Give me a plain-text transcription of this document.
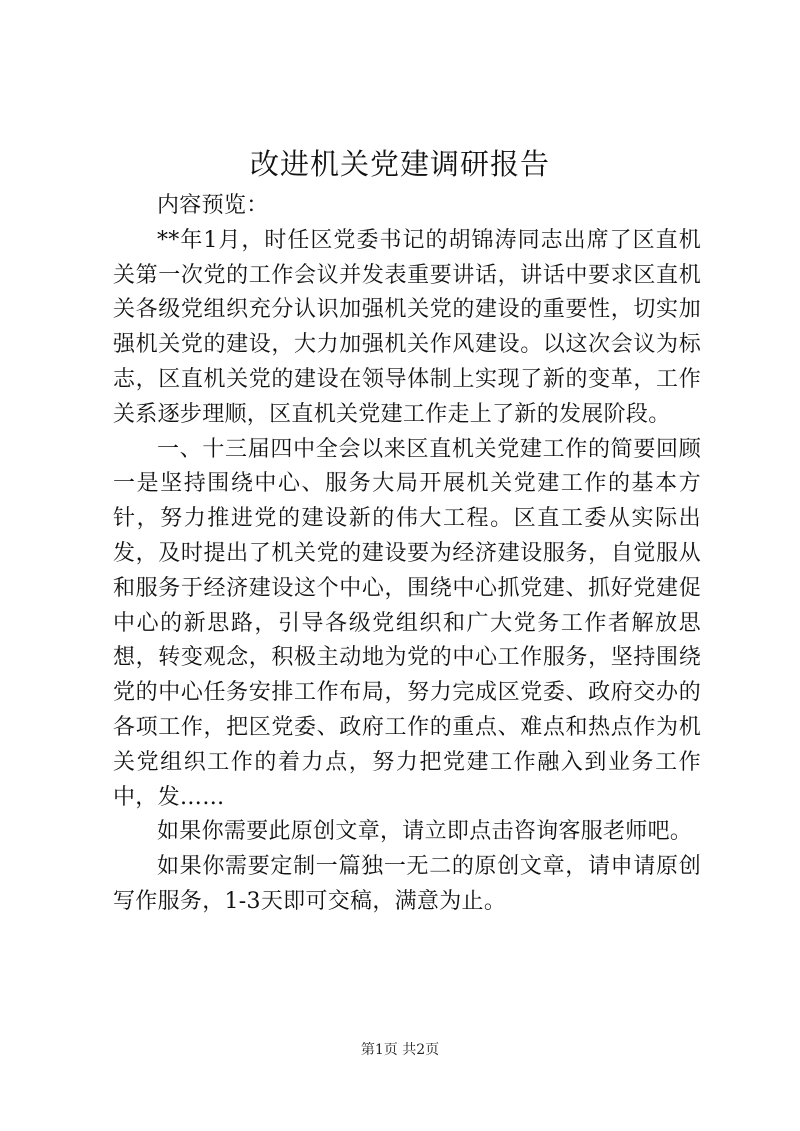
改进机关党建调研报告

内容预览：

**年1月，时任区党委书记的胡锦涛同志出席了区直机关第一次党的工作会议并发表重要讲话，讲话中要求区直机关各级党组织充分认识加强机关党的建设的重要性，切实加强机关党的建设，大力加强机关作风建设。以这次会议为标志，区直机关党的建设在领导体制上实现了新的变革，工作关系逐步理顺，区直机关党建工作走上了新的发展阶段。

一、十三届四中全会以来区直机关党建工作的简要回顾一是坚持围绕中心、服务大局开展机关党建工作的基本方针，努力推进党的建设新的伟大工程。区直工委从实际出发，及时提出了机关党的建设要为经济建设服务，自觉服从和服务于经济建设这个中心，围绕中心抓党建、抓好党建促中心的新思路，引导各级党组织和广大党务工作者解放思想，转变观念，积极主动地为党的中心工作服务，坚持围绕党的中心任务安排工作布局，努力完成区党委、政府交办的各项工作，把区党委、政府工作的重点、难点和热点作为机关党组织工作的着力点，努力把党建工作融入到业务工作中，发……

如果你需要此原创文章，请立即点击咨询客服老师吧。

如果你需要定制一篇独一无二的原创文章，请申请原创写作服务，1-3天即可交稿，满意为止。

第1页 共2页
